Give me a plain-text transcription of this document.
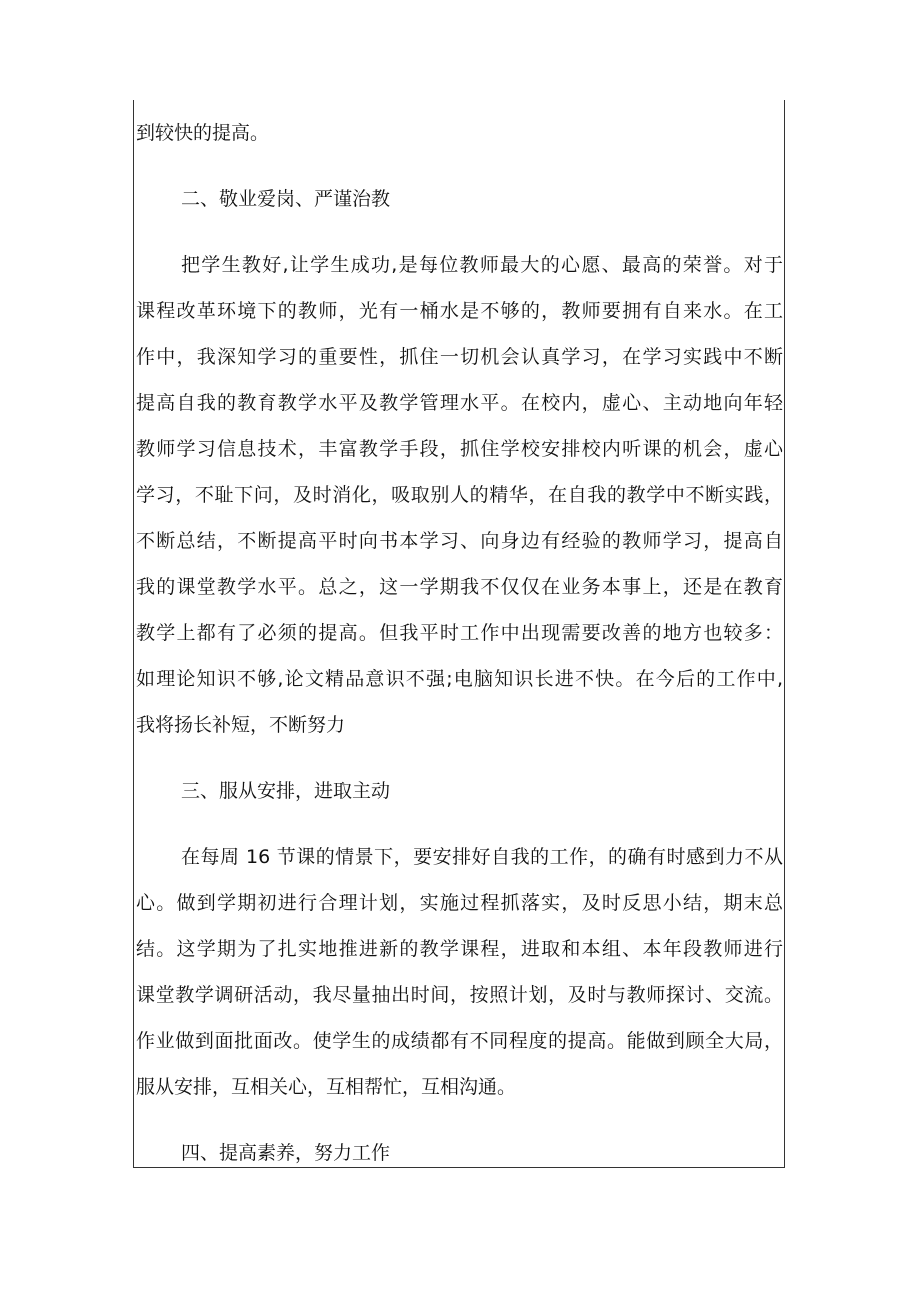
到较快的提高。
二、敬业爱岗、严谨治教
把学生教好,让学生成功,是每位教师最大的心愿、最高的荣誉。对于
课程改革环境下的教师，光有一桶水是不够的，教师要拥有自来水。在工
作中，我深知学习的重要性，抓住一切机会认真学习，在学习实践中不断
提高自我的教育教学水平及教学管理水平。在校内，虚心、主动地向年轻
教师学习信息技术，丰富教学手段，抓住学校安排校内听课的机会，虚心
学习，不耻下问，及时消化，吸取别人的精华，在自我的教学中不断实践，
不断总结，不断提高平时向书本学习、向身边有经验的教师学习，提高自
我的课堂教学水平。总之，这一学期我不仅仅在业务本事上，还是在教育
教学上都有了必须的提高。但我平时工作中出现需要改善的地方也较多：
如理论知识不够,论文精品意识不强;电脑知识长进不快。在今后的工作中,
我将扬长补短，不断努力
三、服从安排，进取主动
在每周 16 节课的情景下，要安排好自我的工作，的确有时感到力不从
心。做到学期初进行合理计划，实施过程抓落实，及时反思小结，期末总
结。这学期为了扎实地推进新的教学课程，进取和本组、本年段教师进行
课堂教学调研活动，我尽量抽出时间，按照计划，及时与教师探讨、交流。
作业做到面批面改。使学生的成绩都有不同程度的提高。能做到顾全大局，
服从安排，互相关心，互相帮忙，互相沟通。
四、提高素养，努力工作
